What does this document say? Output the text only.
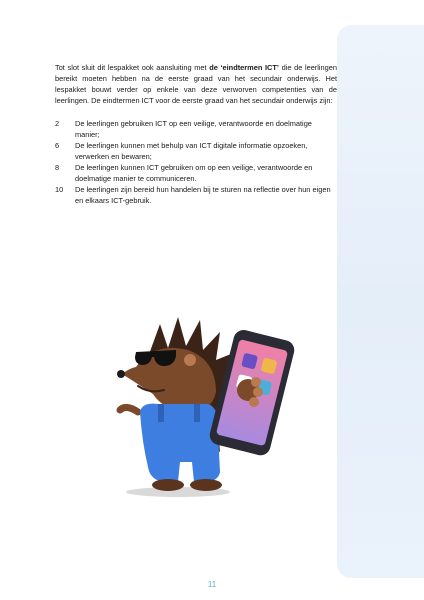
Tot slot sluit dit lespakket ook aansluiting met de ‘eindtermen ICT’ die de leerlingen bereikt moeten hebben na de eerste graad van het secundair onderwijs. Het lespakket bouwt verder op enkele van deze verworven competenties van de leerlingen. De eindtermen ICT voor de eerste graad van het secundair onderwijs zijn:

2	De leerlingen gebruiken ICT op een veilige, verantwoorde en doelmatige manier;
6	De leerlingen kunnen met behulp van ICT digitale informatie opzoeken, verwerken en bewaren;
8	De leerlingen kunnen ICT gebruiken om op een veilige, verantwoorde en doelmatige manier te communiceren.
10	De leerlingen zijn bereid hun handelen bij te sturen na reflectie over hun eigen en elkaars ICT-gebruik.
11
